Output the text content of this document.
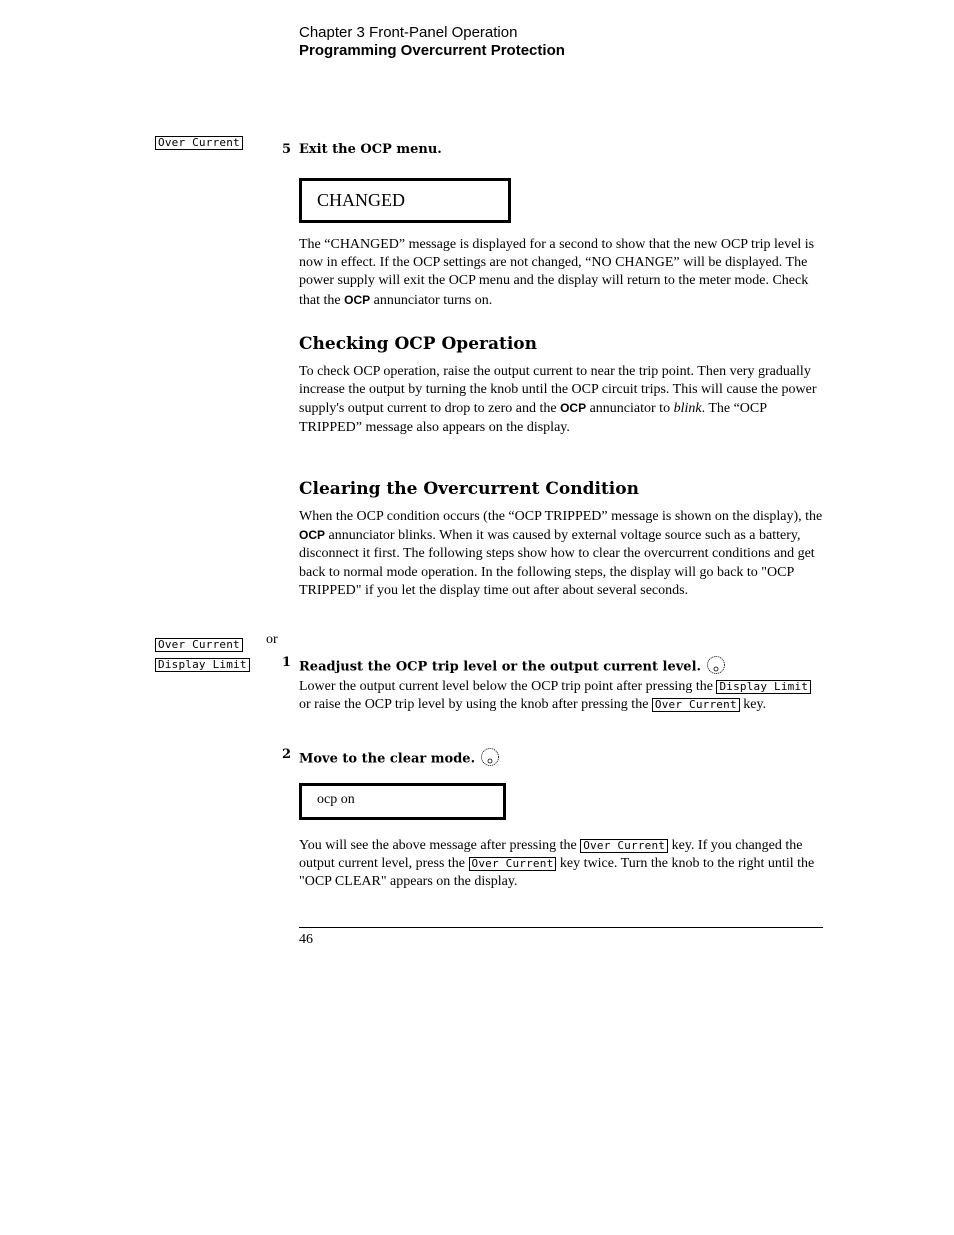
Chapter 3 Front-Panel Operation
Programming Overcurrent Protection
Over Current	5 Exit the OCP menu.
CHANGED
The “CHANGED” message is displayed for a second to show that the new OCP trip level is now in effect. If the OCP settings are not changed, “NO CHANGE” will be displayed. The power supply will exit the OCP menu and the display will return to the meter mode. Check that the OCP annunciator turns on.
Checking OCP Operation
To check OCP operation, raise the output current to near the trip point. Then very gradually increase the output by turning the knob until the OCP circuit trips. This will cause the power supply's output current to drop to zero and the OCP annunciator to blink. The “OCP TRIPPED” message also appears on the display.
Clearing the Overcurrent Condition
When the OCP condition occurs (the “OCP TRIPPED” message is shown on the display), the OCP annunciator blinks. When it was caused by external voltage source such as a battery, disconnect it first. The following steps show how to clear the overcurrent conditions and get back to normal mode operation. In the following steps, the display will go back to "OCP TRIPPED" if you let the display time out after about several seconds.
Over Current or
Display Limit	1 Readjust the OCP trip level or the output current level.
Lower the output current level below the OCP trip point after pressing the Display Limit or raise the OCP trip level by using the knob after pressing the Over Current key.
2 Move to the clear mode.
ocp on
You will see the above message after pressing the Over Current key. If you changed the output current level, press the Over Current key twice. Turn the knob to the right until the "OCP CLEAR" appears on the display.
46
